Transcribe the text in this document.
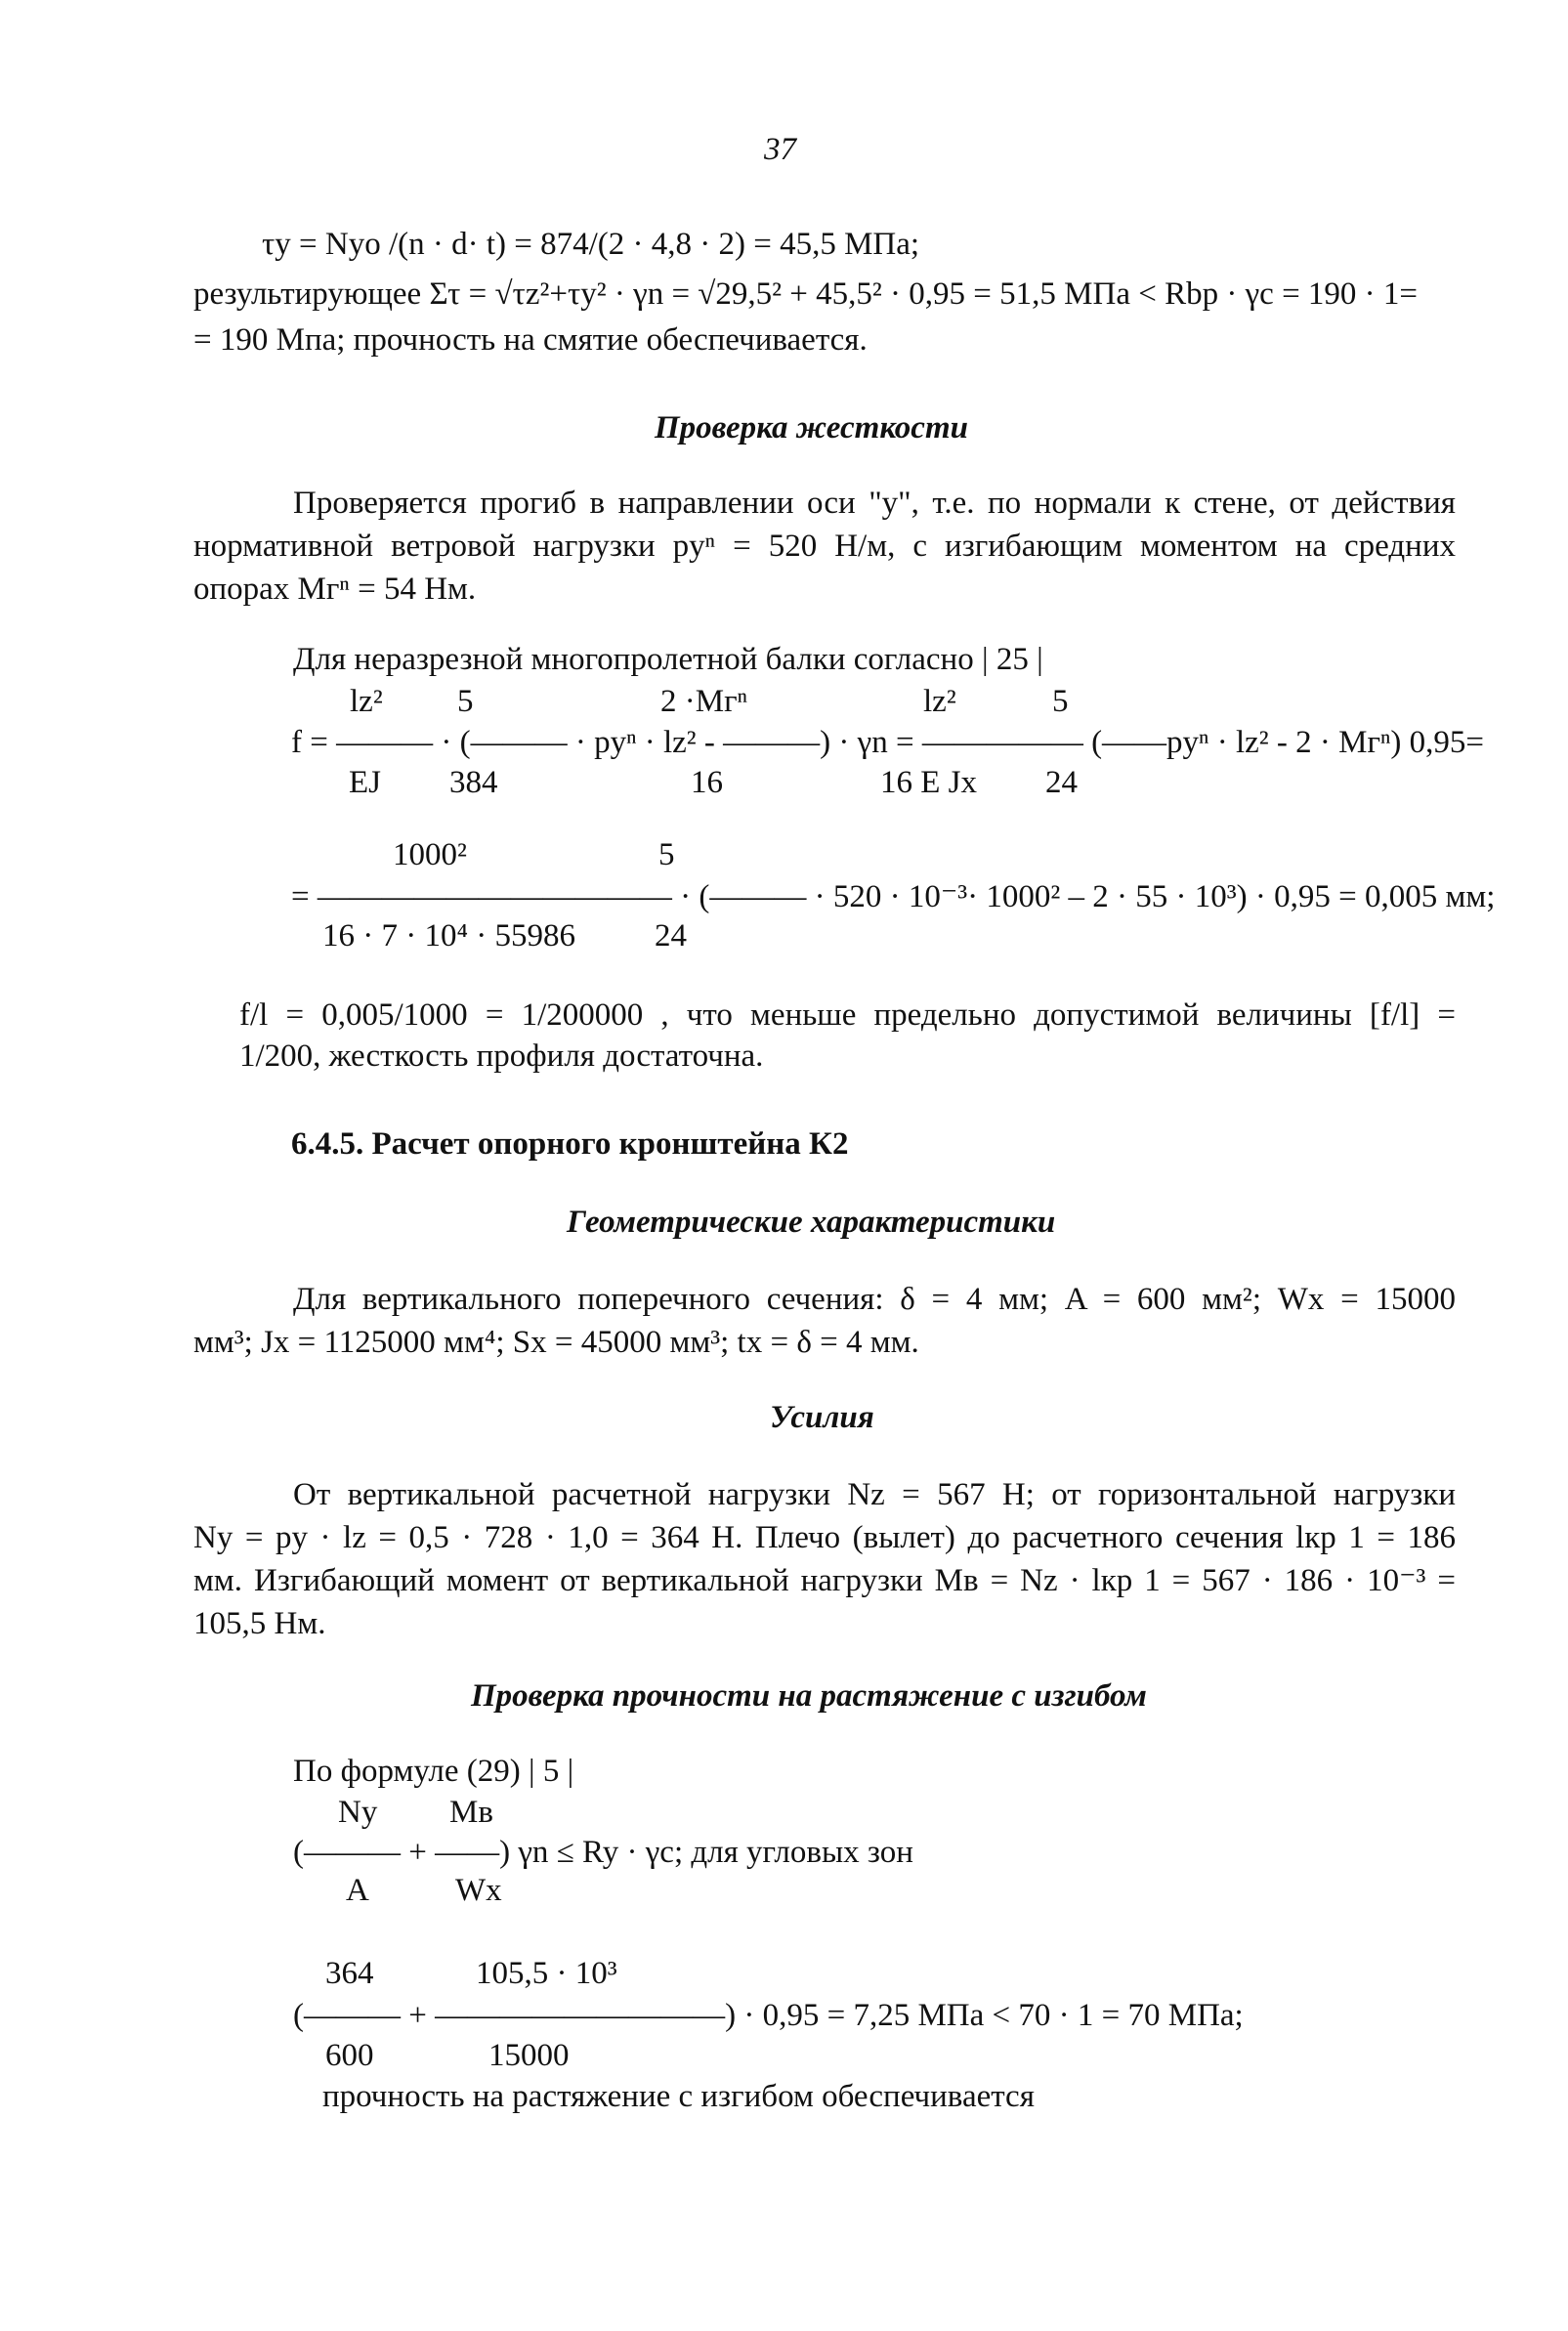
37
τy = Nyo /(n · d· t) = 874/(2 · 4,8 · 2) = 45,5 МПа;
результирующее Στ = √τz²+τy² · γn = √29,5² + 45,5² · 0,95 = 51,5 МПа < Rbp · γc = 190 · 1=
= 190 Мпа; прочность на смятие обеспечивается.
Проверка жесткости
Проверяется прогиб в направлении оси "у", т.е. по нормали к стене, от действия
нормативной ветровой нагрузки pyⁿ = 520 Н/м, с изгибающим моментом на средних
опорах Mгⁿ = 54 Нм.
Для неразрезной многопролетной балки согласно | 25 |
lz² 5	2 ·Mгⁿ	lz²	5
f = ——— · (——— · pyⁿ · lz² - ———) · γn = ————— (——pyⁿ · lz² - 2 · Mгⁿ) 0,95=
EJ 384	16	16 E Jx 24
1000²	5
= ——————————— · (——— · 520 · 10⁻³· 1000² – 2 · 55 · 10³) · 0,95 = 0,005 мм;
16 · 7 · 10⁴ · 55986 24
f/l = 0,005/1000 = 1/200000 , что меньше предельно допустимой величины [f/l] =
1/200, жесткость профиля достаточна.
6.4.5. Расчет опорного кронштейна К2
Геометрические характеристики
Для вертикального поперечного сечения: δ = 4 мм; A = 600 мм²; Wx = 15000
мм³; Jx = 1125000 мм⁴; Sx = 45000 мм³; tx = δ = 4 мм.
Усилия
От вертикальной расчетной нагрузки Nz = 567 Н; от горизонтальной нагрузки
Ny = py · lz = 0,5 · 728 · 1,0 = 364 Н. Плечо (вылет) до расчетного сечения lкр 1 = 186
мм. Изгибающий момент от вертикальной нагрузки Mв = Nz · lкр 1 = 567 · 186 · 10⁻³ =
105,5 Нм.
Проверка прочности на растяжение с изгибом
По формуле (29) | 5 |
Ny Mв
(——— + ——) γn ≤ Ry · γc; для угловых зон
A	Wx
364	105,5 · 10³
(——— + —————————) · 0,95 = 7,25 МПа < 70 · 1 = 70 МПа;
600	15000
прочность на растяжение с изгибом обеспечивается
